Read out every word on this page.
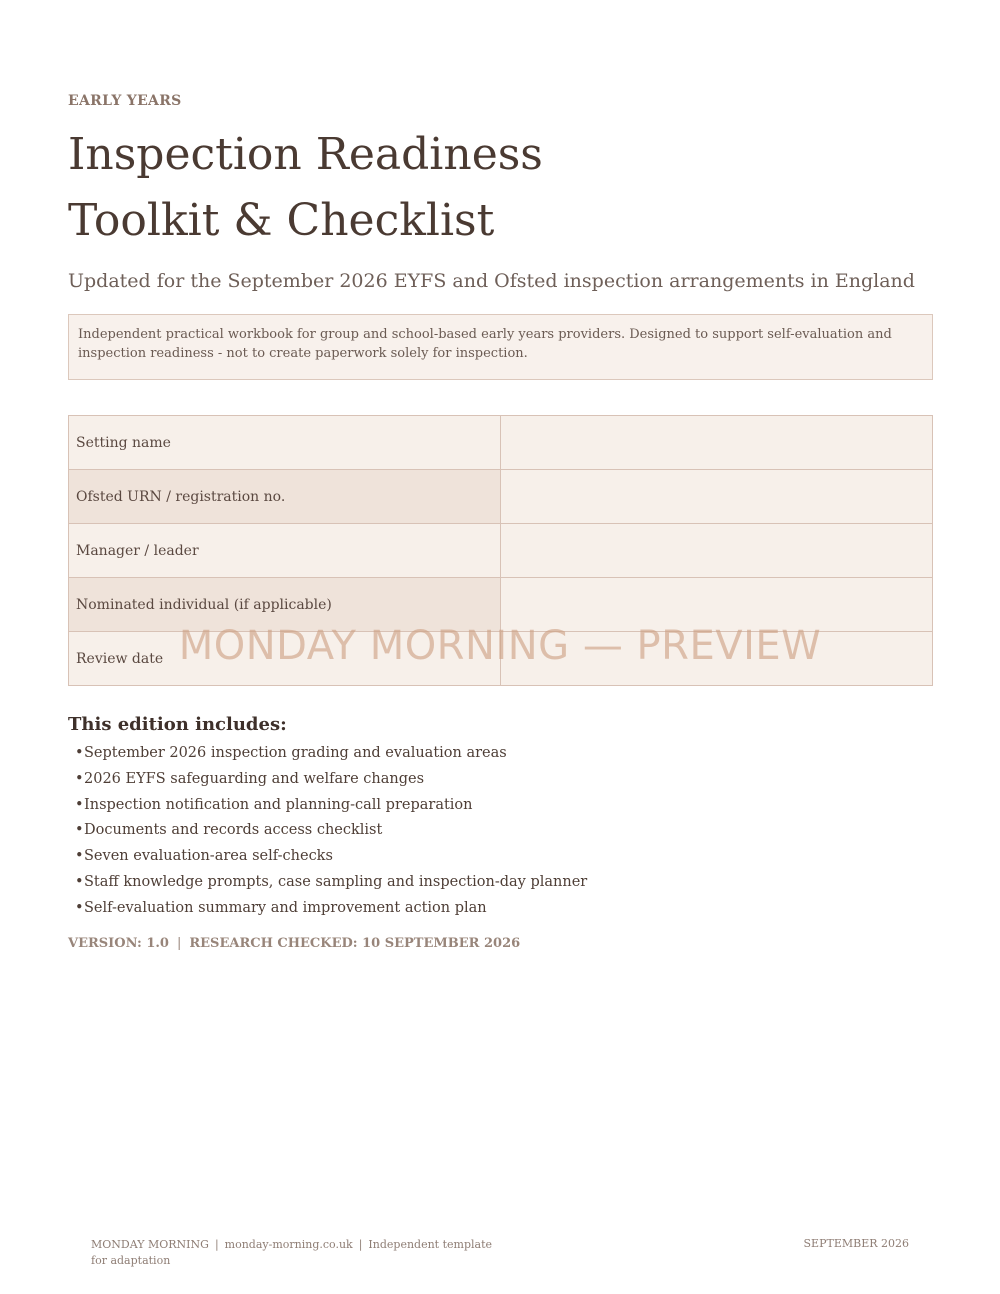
EARLY YEARS
Inspection Readiness
Toolkit & Checklist
Updated for the September 2026 EYFS and Ofsted inspection arrangements in England
Independent practical workbook for group and school-based early years providers. Designed to support self-evaluation and inspection readiness - not to create paperwork solely for inspection.
Setting name	
Ofsted URN / registration no.	
Manager / leader	
Nominated individual (if applicable)	
Review date	
This edition includes:
•September 2026 inspection grading and evaluation areas
•2026 EYFS safeguarding and welfare changes
•Inspection notification and planning-call preparation
•Documents and records access checklist
•Seven evaluation-area self-checks
•Staff knowledge prompts, case sampling and inspection-day planner
•Self-evaluation summary and improvement action plan
VERSION: 1.0 | RESEARCH CHECKED: 10 SEPTEMBER 2026
MONDAY MORNING — PREVIEW
MONDAY MORNING | monday-morning.co.uk | Independent template for adaptation
SEPTEMBER 2026
